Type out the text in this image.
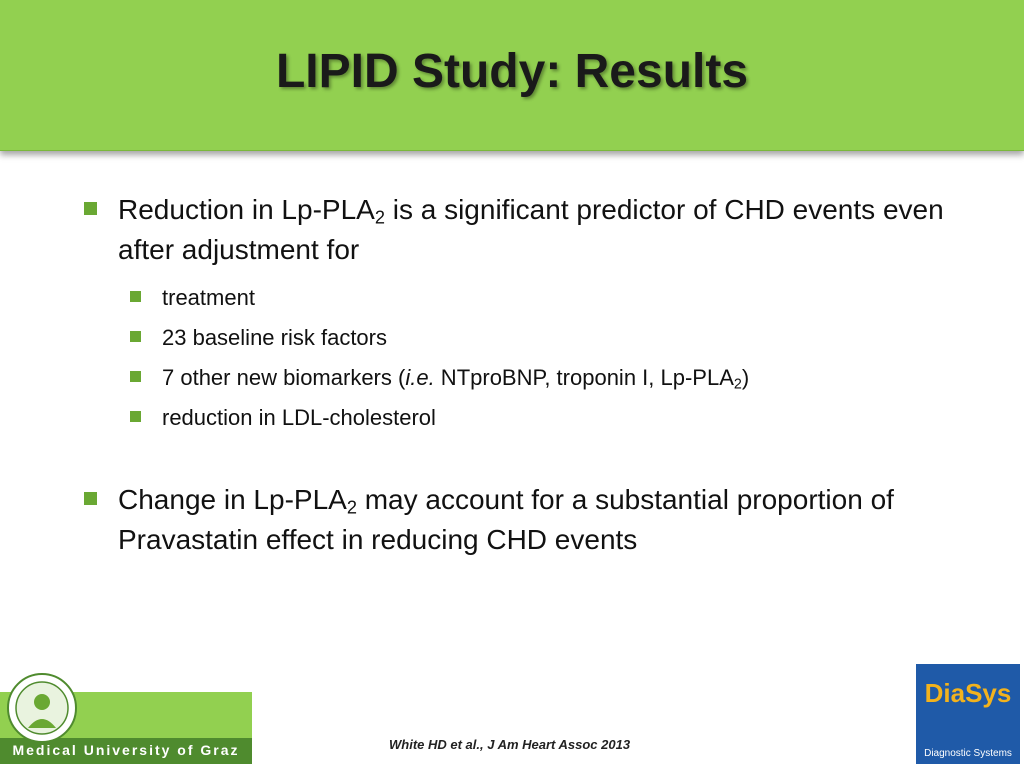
LIPID Study: Results
Reduction in $Lp-PLA_2$ is a significant predictor of CHD events even after adjustment for
treatment
23 baseline risk factors
7 other new biomarkers (i.e. NTproBNP, troponin I, $Lp-PLA_2$)
reduction in LDL-cholesterol
Change in $Lp-PLA_2$ may account for a substantial proportion of Pravastatin effect in reducing CHD events
Medical University of Graz	White HD et al., J Am Heart Assoc 2013
DiaSys
Diagnostic Systems
